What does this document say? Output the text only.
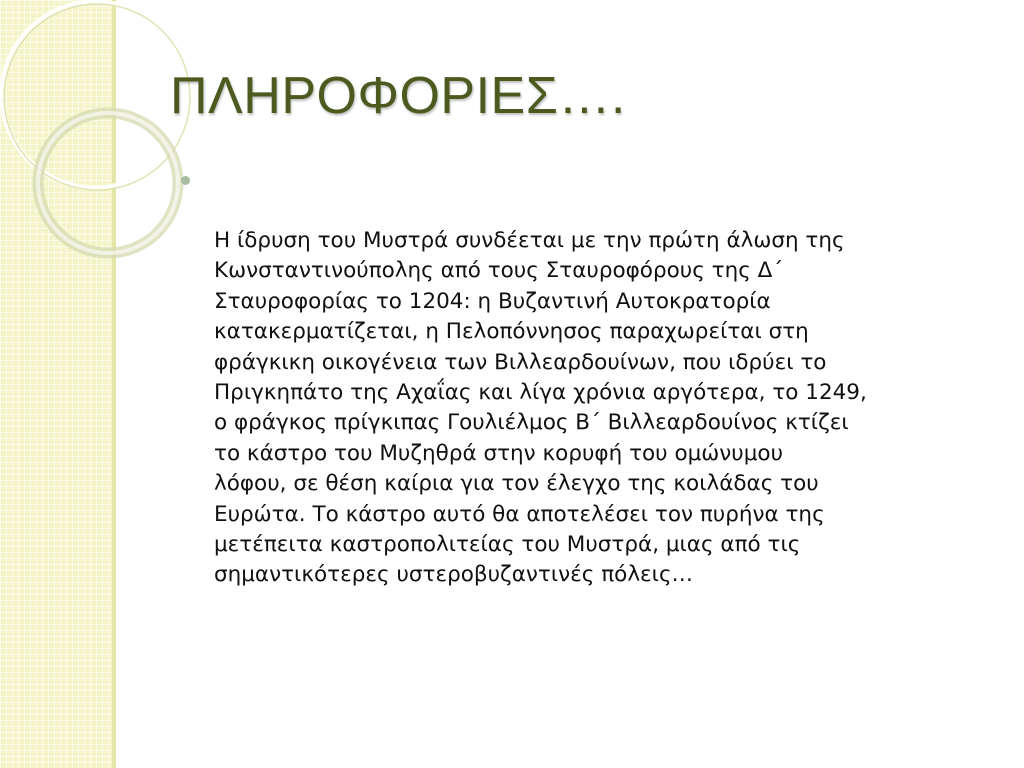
ΠΛΗΡΟΦΟΡΙΕΣ….

Η ίδρυση του Μυστρά συνδέεται με την πρώτη άλωση της
Κωνσταντινούπολης από τους Σταυροφόρους της Δ΄
Σταυροφορίας το 1204: η Βυζαντινή Αυτοκρατορία
κατακερματίζεται, η Πελοπόννησος παραχωρείται στη
φράγκικη οικογένεια των Βιλλεαρδουίνων, που ιδρύει το
Πριγκηπάτο της Αχαΐας και λίγα χρόνια αργότερα, το 1249,
ο φράγκος πρίγκιπας Γουλιέλμος Β΄ Βιλλεαρδουίνος κτίζει
το κάστρο του Μυζηθρά στην κορυφή του ομώνυμου
λόφου, σε θέση καίρια για τον έλεγχο της κοιλάδας του
Ευρώτα. Το κάστρο αυτό θα αποτελέσει τον πυρήνα της
μετέπειτα καστροπολιτείας του Μυστρά, μιας από τις
σημαντικότερες υστεροβυζαντινές πόλεις…
